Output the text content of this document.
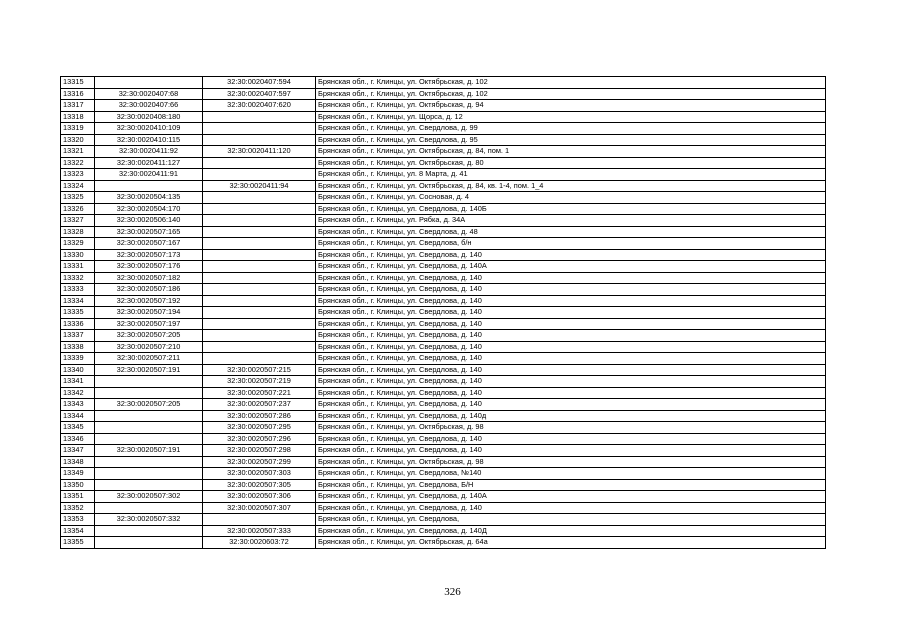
13315		32:30:0020407:594	Брянская обл., г. Клинцы, ул. Октябрьская, д. 102
13316	32:30:0020407:68	32:30:0020407:597	Брянская обл., г. Клинцы, ул. Октябрьская, д. 102
13317	32:30:0020407:66	32:30:0020407:620	Брянская обл., г. Клинцы, ул. Октябрьская, д. 94
13318	32:30:0020408:180		Брянская обл., г. Клинцы, ул. Щорса, д. 12
13319	32:30:0020410:109		Брянская обл., г. Клинцы, ул. Свердлова, д. 99
13320	32:30:0020410:115		Брянская обл., г. Клинцы, ул. Свердлова, д. 95
13321	32:30:0020411:92	32:30:0020411:120	Брянская обл., г. Клинцы, ул. Октябрьская, д. 84, пом. 1
13322	32:30:0020411:127		Брянская обл., г. Клинцы, ул. Октябрьская, д. 80
13323	32:30:0020411:91		Брянская обл., г. Клинцы, ул. 8 Марта, д. 41
13324		32:30:0020411:94	Брянская обл., г. Клинцы, ул. Октябрьская, д. 84, кв. 1-4, пом. 1_4
13325	32:30:0020504:135		Брянская обл., г. Клинцы, ул. Сосновая, д. 4
13326	32:30:0020504:170		Брянская обл., г. Клинцы, ул. Свердлова, д. 140Б
13327	32:30:0020506:140		Брянская обл., г. Клинцы, ул. Рябка, д. 34А
13328	32:30:0020507:165		Брянская обл., г. Клинцы, ул. Свердлова, д. 48
13329	32:30:0020507:167		Брянская обл., г. Клинцы, ул. Свердлова, б/н
13330	32:30:0020507:173		Брянская обл., г. Клинцы, ул. Свердлова, д. 140
13331	32:30:0020507:176		Брянская обл., г. Клинцы, ул. Свердлова, д. 140А
13332	32:30:0020507:182		Брянская обл., г. Клинцы, ул. Свердлова, д. 140
13333	32:30:0020507:186		Брянская обл., г. Клинцы, ул. Свердлова, д. 140
13334	32:30:0020507:192		Брянская обл., г. Клинцы, ул. Свердлова, д. 140
13335	32:30:0020507:194		Брянская обл., г. Клинцы, ул. Свердлова, д. 140
13336	32:30:0020507:197		Брянская обл., г. Клинцы, ул. Свердлова, д. 140
13337	32:30:0020507:205		Брянская обл., г. Клинцы, ул. Свердлова, д. 140
13338	32:30:0020507:210		Брянская обл., г. Клинцы, ул. Свердлова, д. 140
13339	32:30:0020507:211		Брянская обл., г. Клинцы, ул. Свердлова, д. 140
13340	32:30:0020507:191	32:30:0020507:215	Брянская обл., г. Клинцы, ул. Свердлова, д. 140
13341		32:30:0020507:219	Брянская обл., г. Клинцы, ул. Свердлова, д. 140
13342		32:30:0020507:221	Брянская обл., г. Клинцы, ул. Свердлова, д. 140
13343	32:30:0020507:205	32:30:0020507:237	Брянская обл., г. Клинцы, ул. Свердлова, д. 140
13344		32:30:0020507:286	Брянская обл., г. Клинцы, ул. Свердлова, д. 140д
13345		32:30:0020507:295	Брянская обл., г. Клинцы, ул. Октябрьская, д. 98
13346		32:30:0020507:296	Брянская обл., г. Клинцы, ул. Свердлова, д. 140
13347	32:30:0020507:191	32:30:0020507:298	Брянская обл., г. Клинцы, ул. Свердлова, д. 140
13348		32:30:0020507:299	Брянская обл., г. Клинцы, ул. Октябрьская, д. 98
13349		32:30:0020507:303	Брянская обл., г. Клинцы, ул. Свердлова, №140
13350		32:30:0020507:305	Брянская обл., г. Клинцы, ул. Свердлова, Б/Н
13351	32:30:0020507:302	32:30:0020507:306	Брянская обл., г. Клинцы, ул. Свердлова, д. 140А
13352		32:30:0020507:307	Брянская обл., г. Клинцы, ул. Свердлова, д. 140
13353	32:30:0020507:332		Брянская обл., г. Клинцы, ул. Свердлова,
13354		32:30:0020507:333	Брянская обл., г. Клинцы, ул. Свердлова, д. 140Д
13355		32:30:0020603:72	Брянская обл., г. Клинцы, ул. Октябрьская, д. 64а
326
